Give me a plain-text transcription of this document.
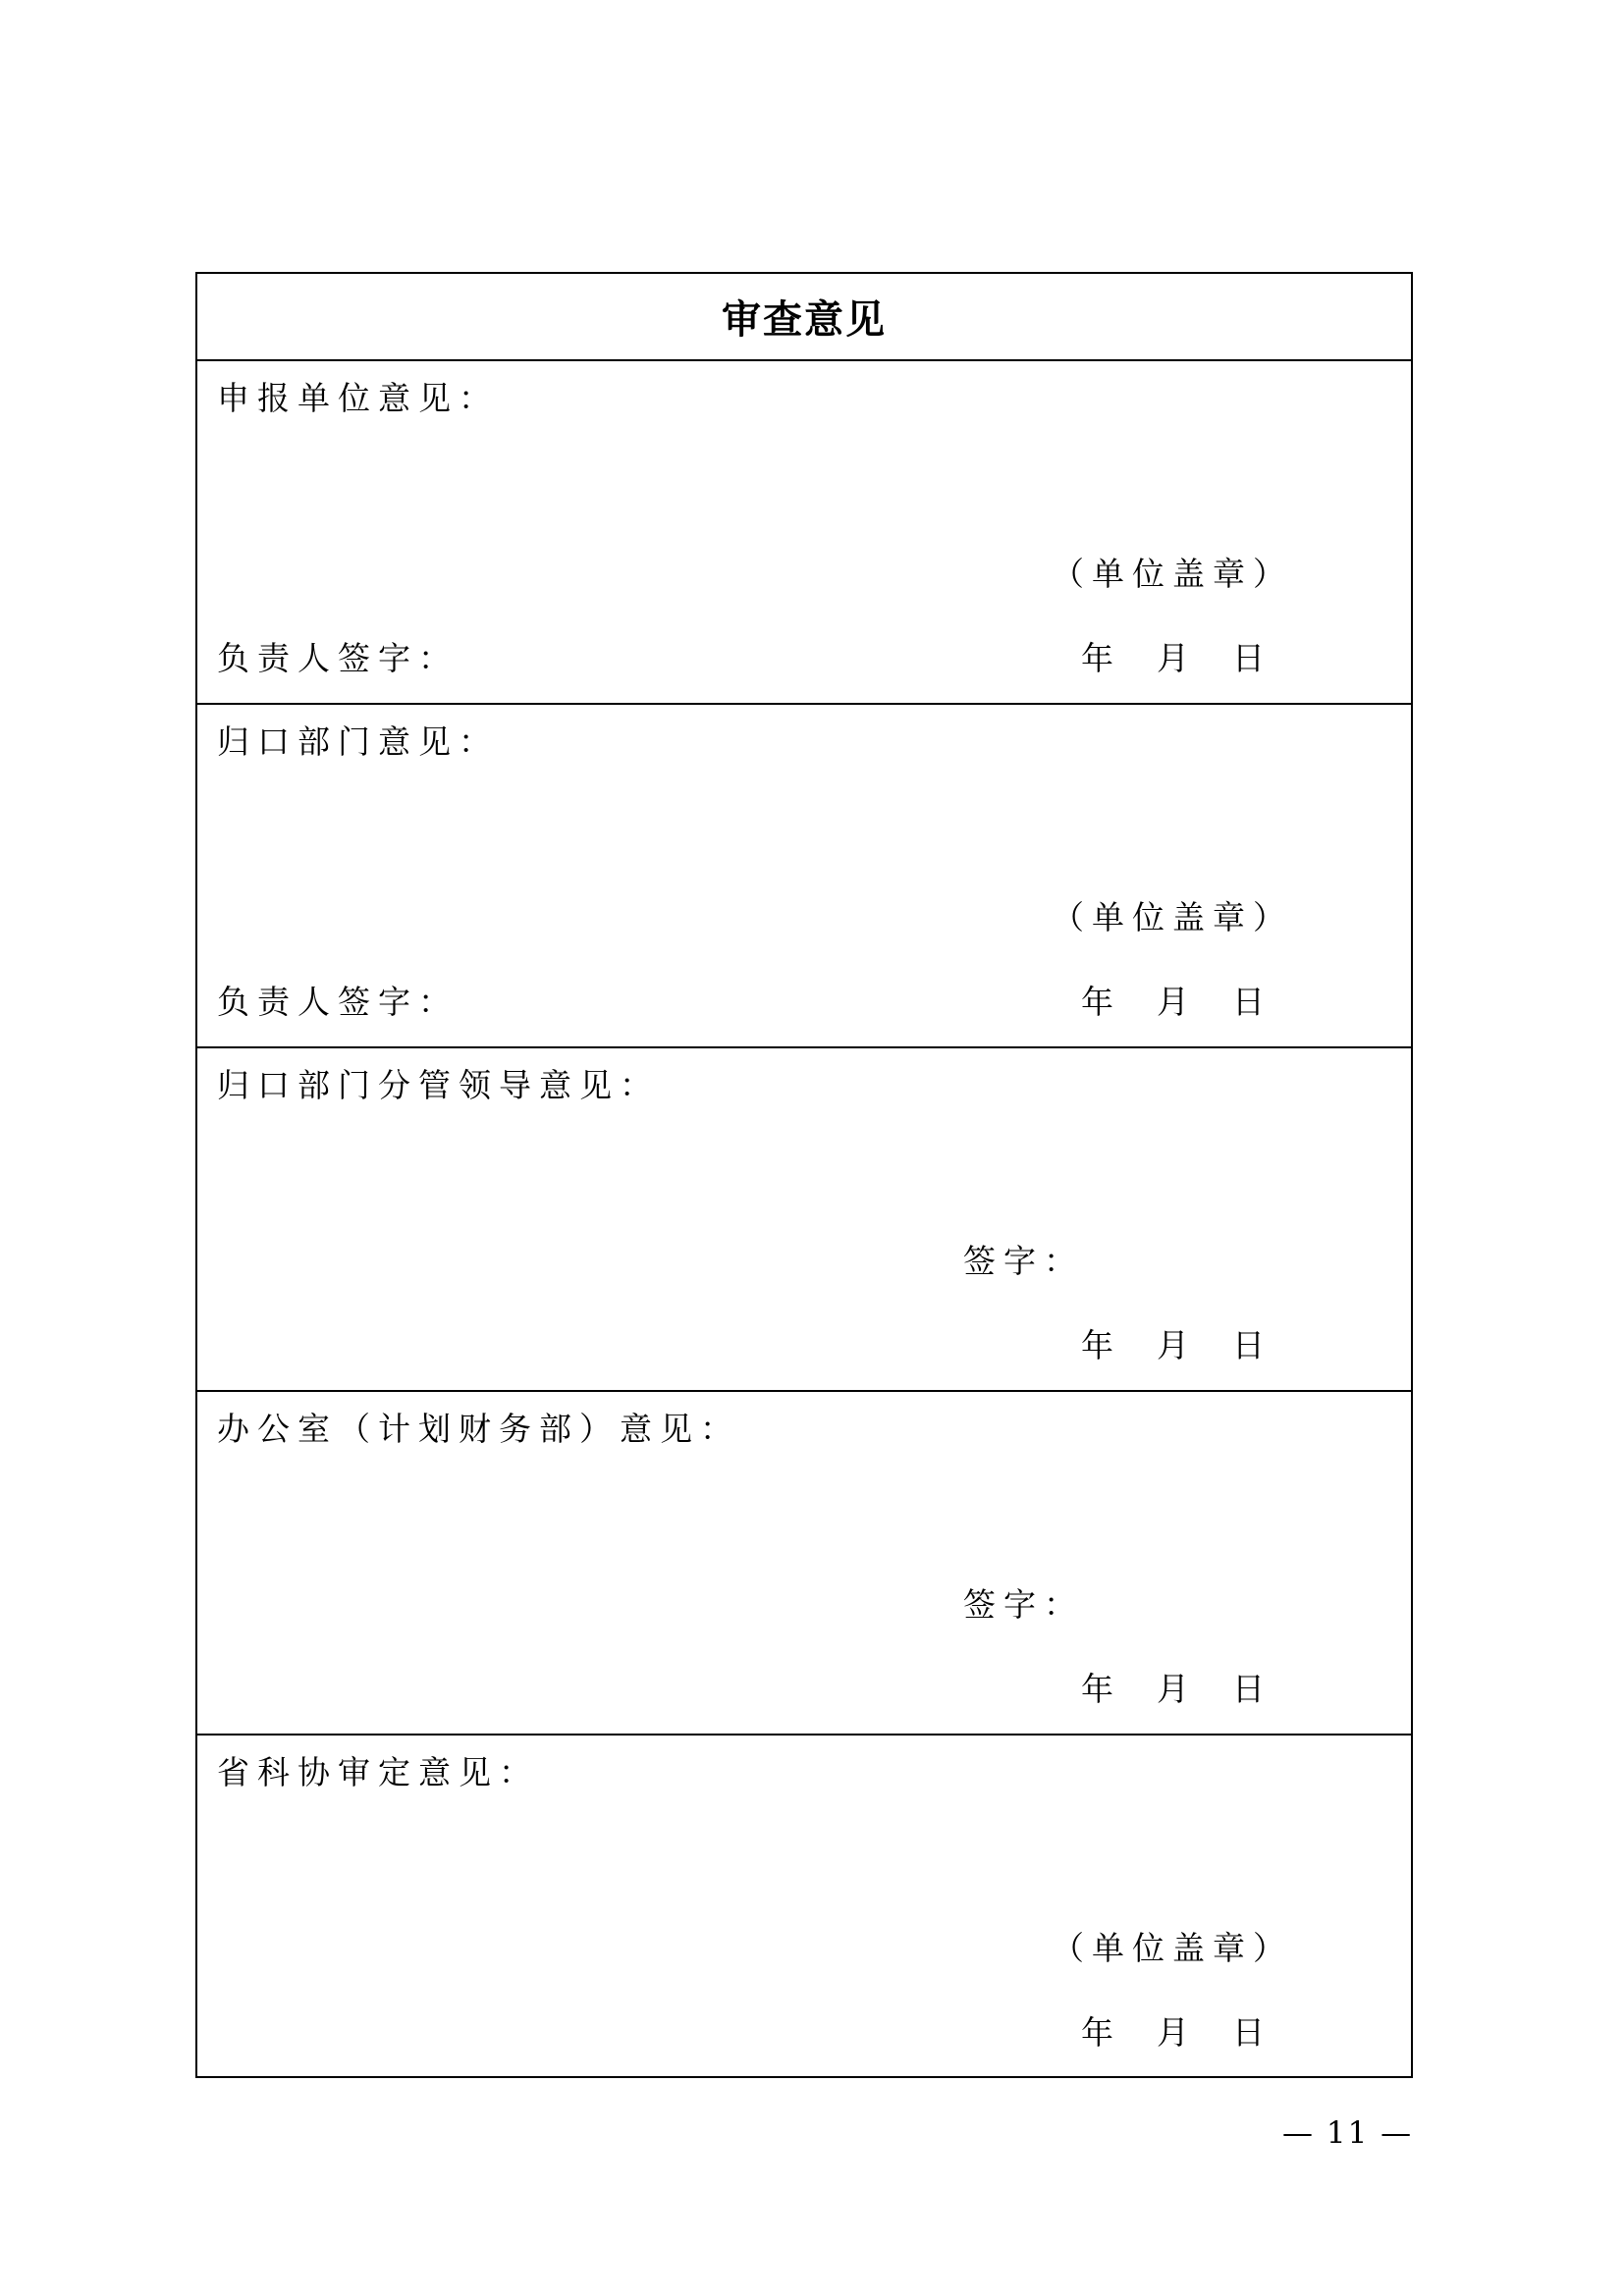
审查意见
申报单位意见：
（单位盖章）
负责人签字：	年 月 日
归口部门意见：
（单位盖章）
负责人签字：	年 月 日
归口部门分管领导意见：
签字：
年 月 日
办公室（计划财务部）意见：
签字：
年 月 日
省科协审定意见：
（单位盖章）
年 月 日
— 11 —
